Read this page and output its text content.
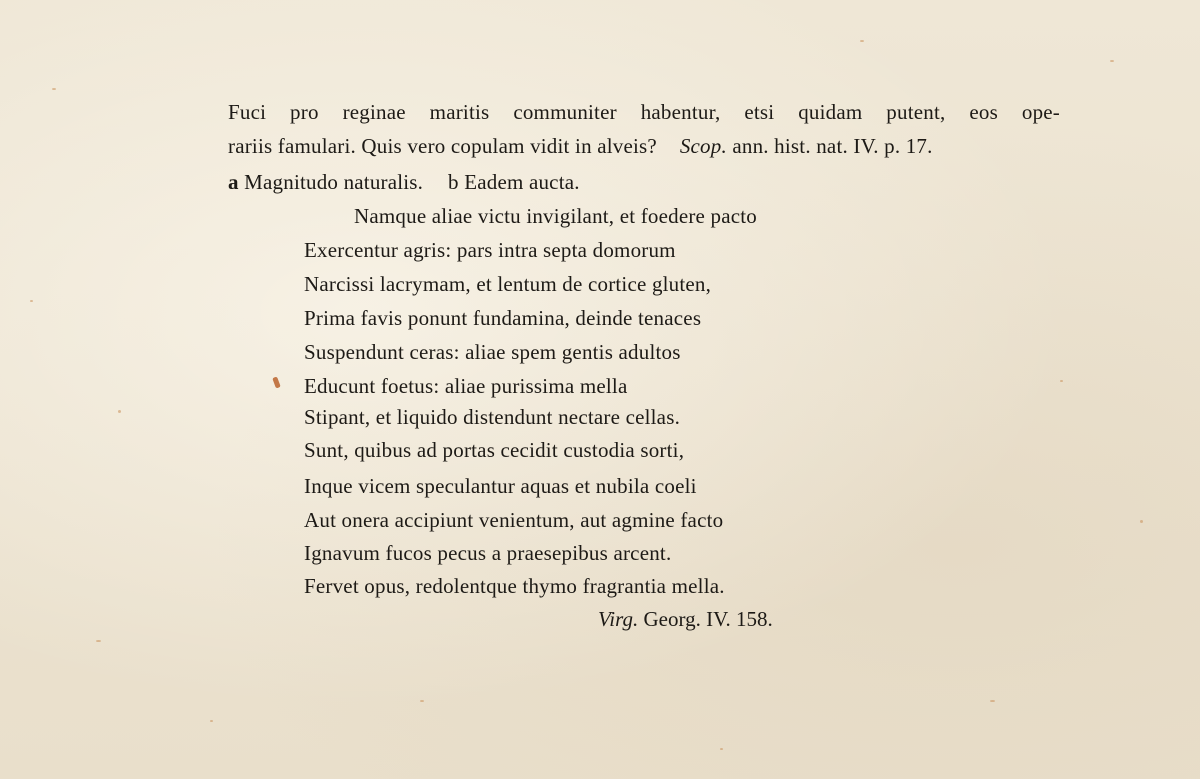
Fuci pro reginae maritis communiter habentur, etsi quidam putent, eos ope-
rariis famulari. Quis vero copulam vidit in alveis? Scop. ann. hist. nat. IV. p. 17.
a Magnitudo naturalis. b Eadem aucta.
Namque aliae victu invigilant, et foedere pacto
Exercentur agris: pars intra septa domorum
Narcissi lacrymam, et lentum de cortice gluten,
Prima favis ponunt fundamina, deinde tenaces
Suspendunt ceras: aliae spem gentis adultos
Educunt foetus: aliae purissima mella
Stipant, et liquido distendunt nectare cellas.
Sunt, quibus ad portas cecidit custodia sorti,
Inque vicem speculantur aquas et nubila coeli
Aut onera accipiunt venientum, aut agmine facto
Ignavum fucos pecus a praesepibus arcent.
Fervet opus, redolentque thymo fragrantia mella.
Virg. Georg. IV. 158.
